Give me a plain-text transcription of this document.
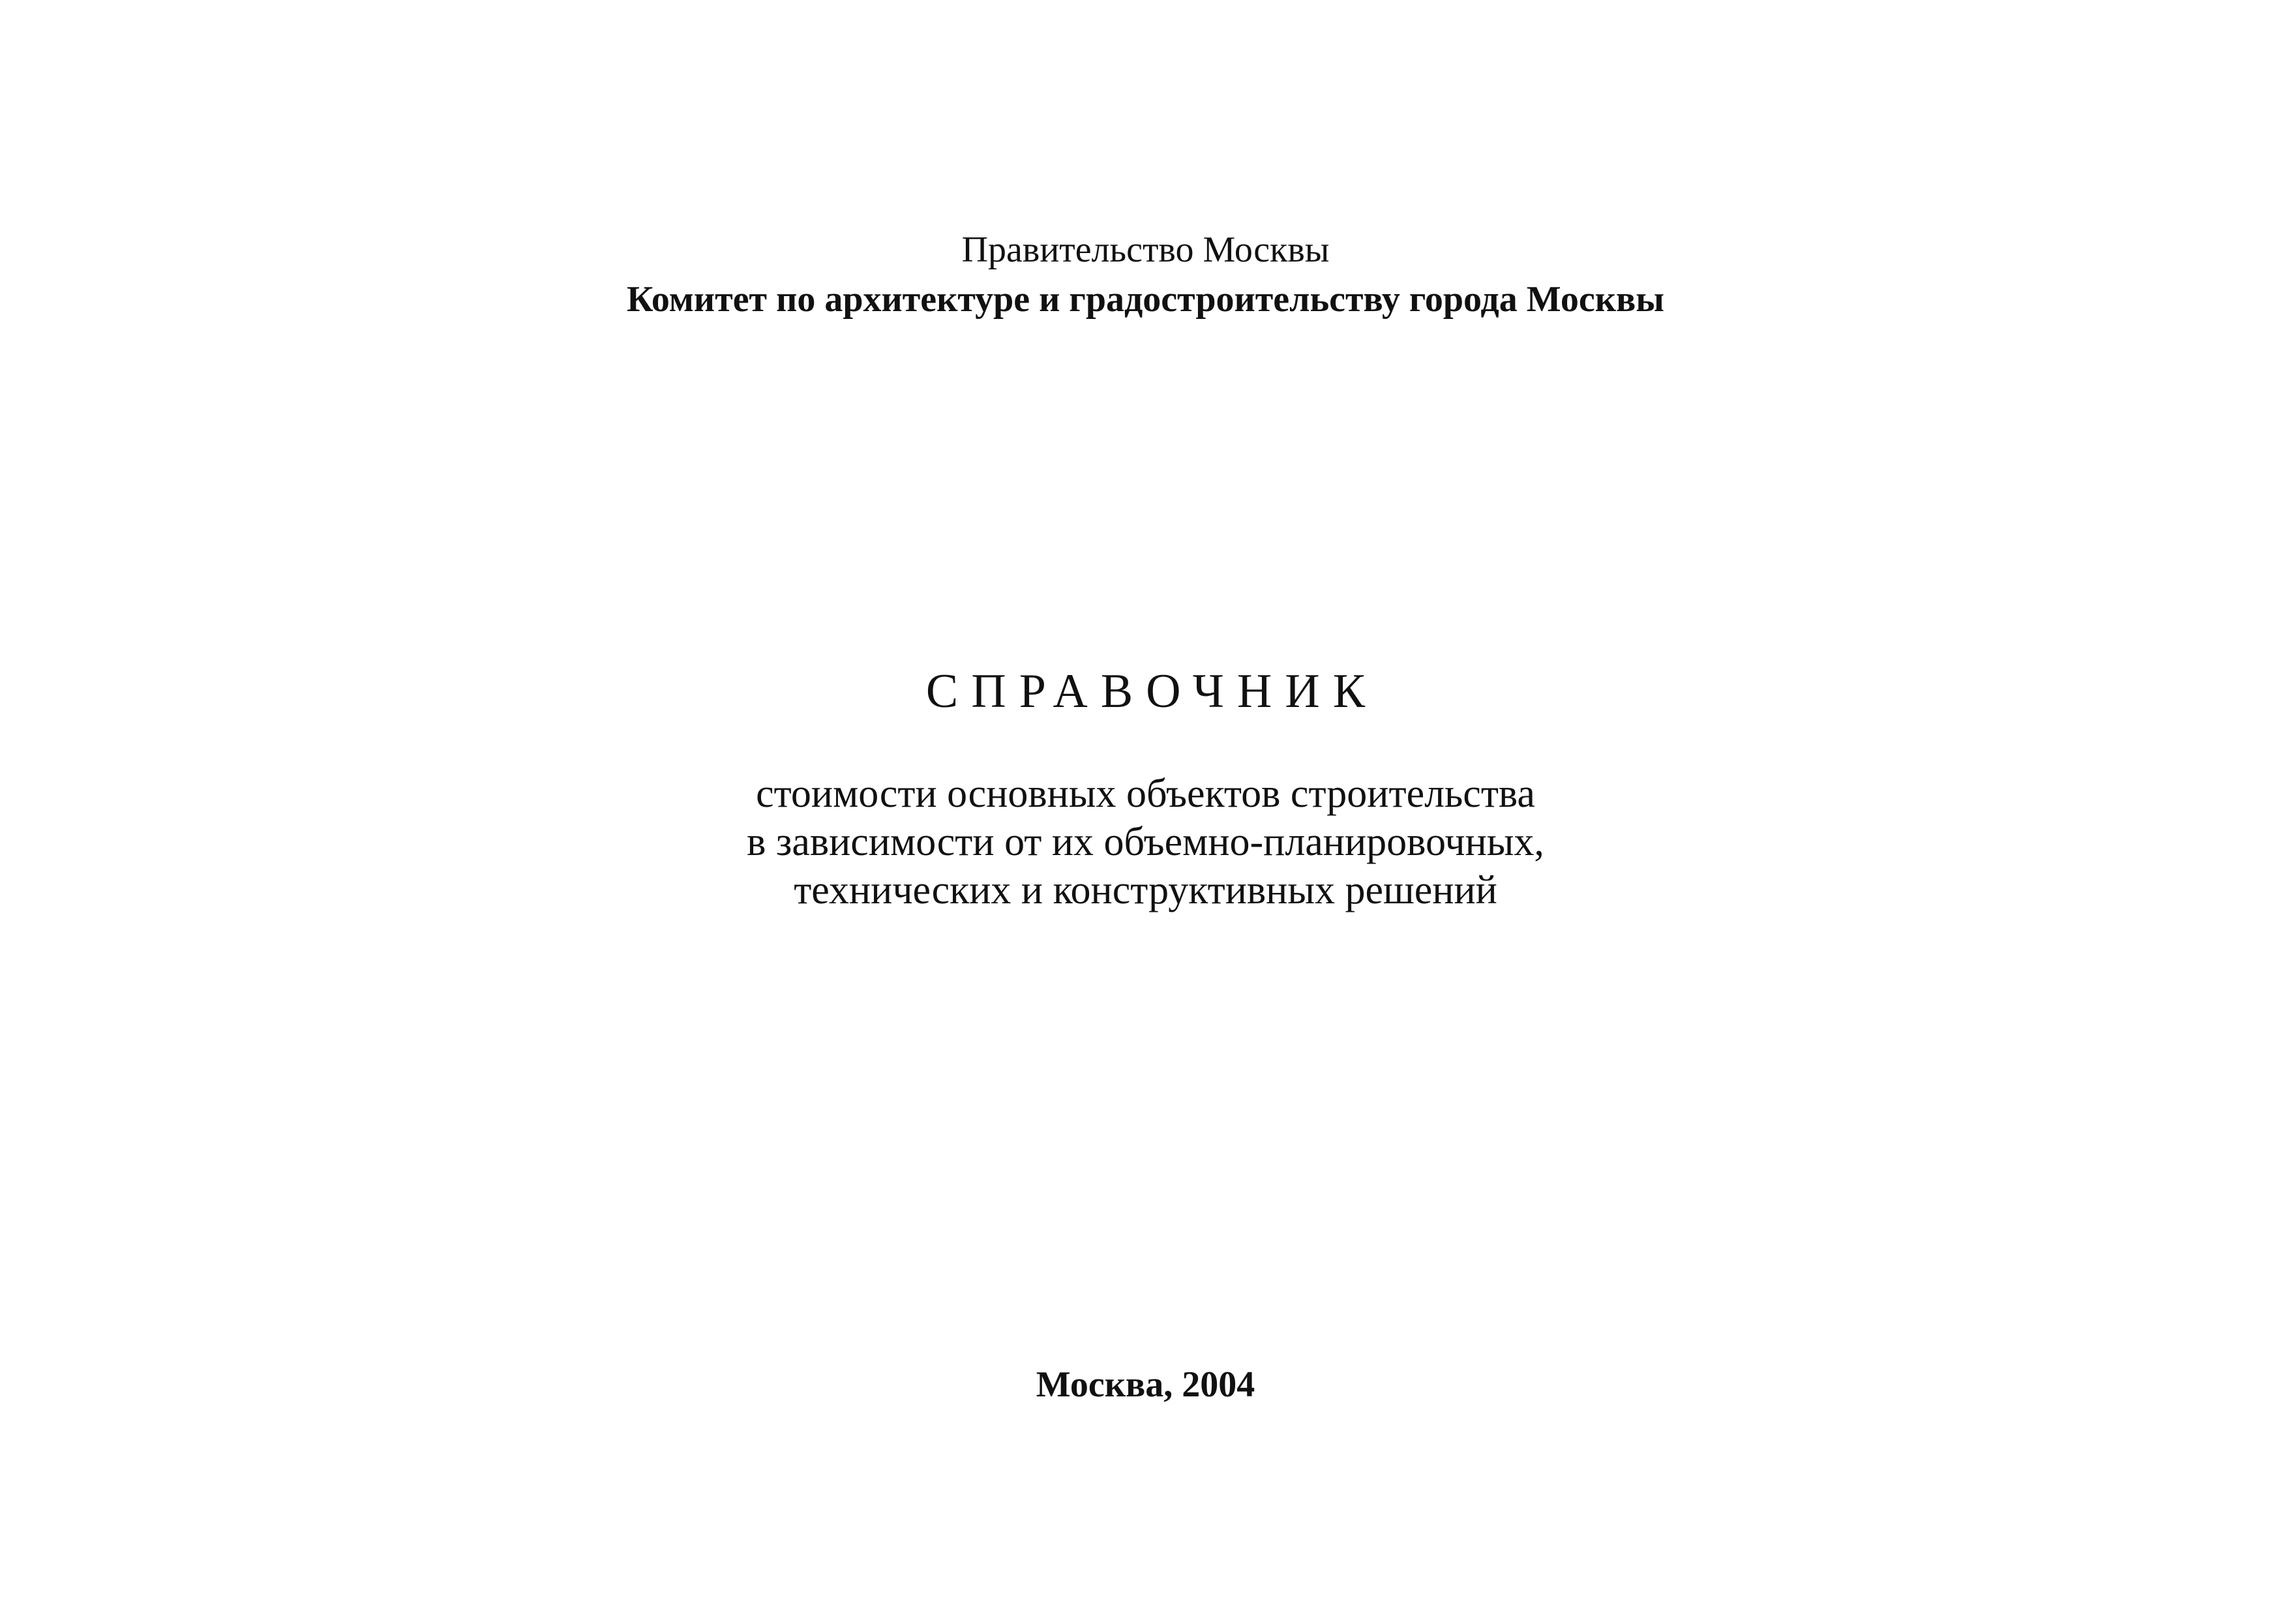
Правительство Москвы
Комитет по архитектуре и градостроительству города Москвы
СПРАВОЧНИК
стоимости основных объектов строительства
в зависимости от их объемно-планировочных,
технических и конструктивных решений
Москва, 2004
